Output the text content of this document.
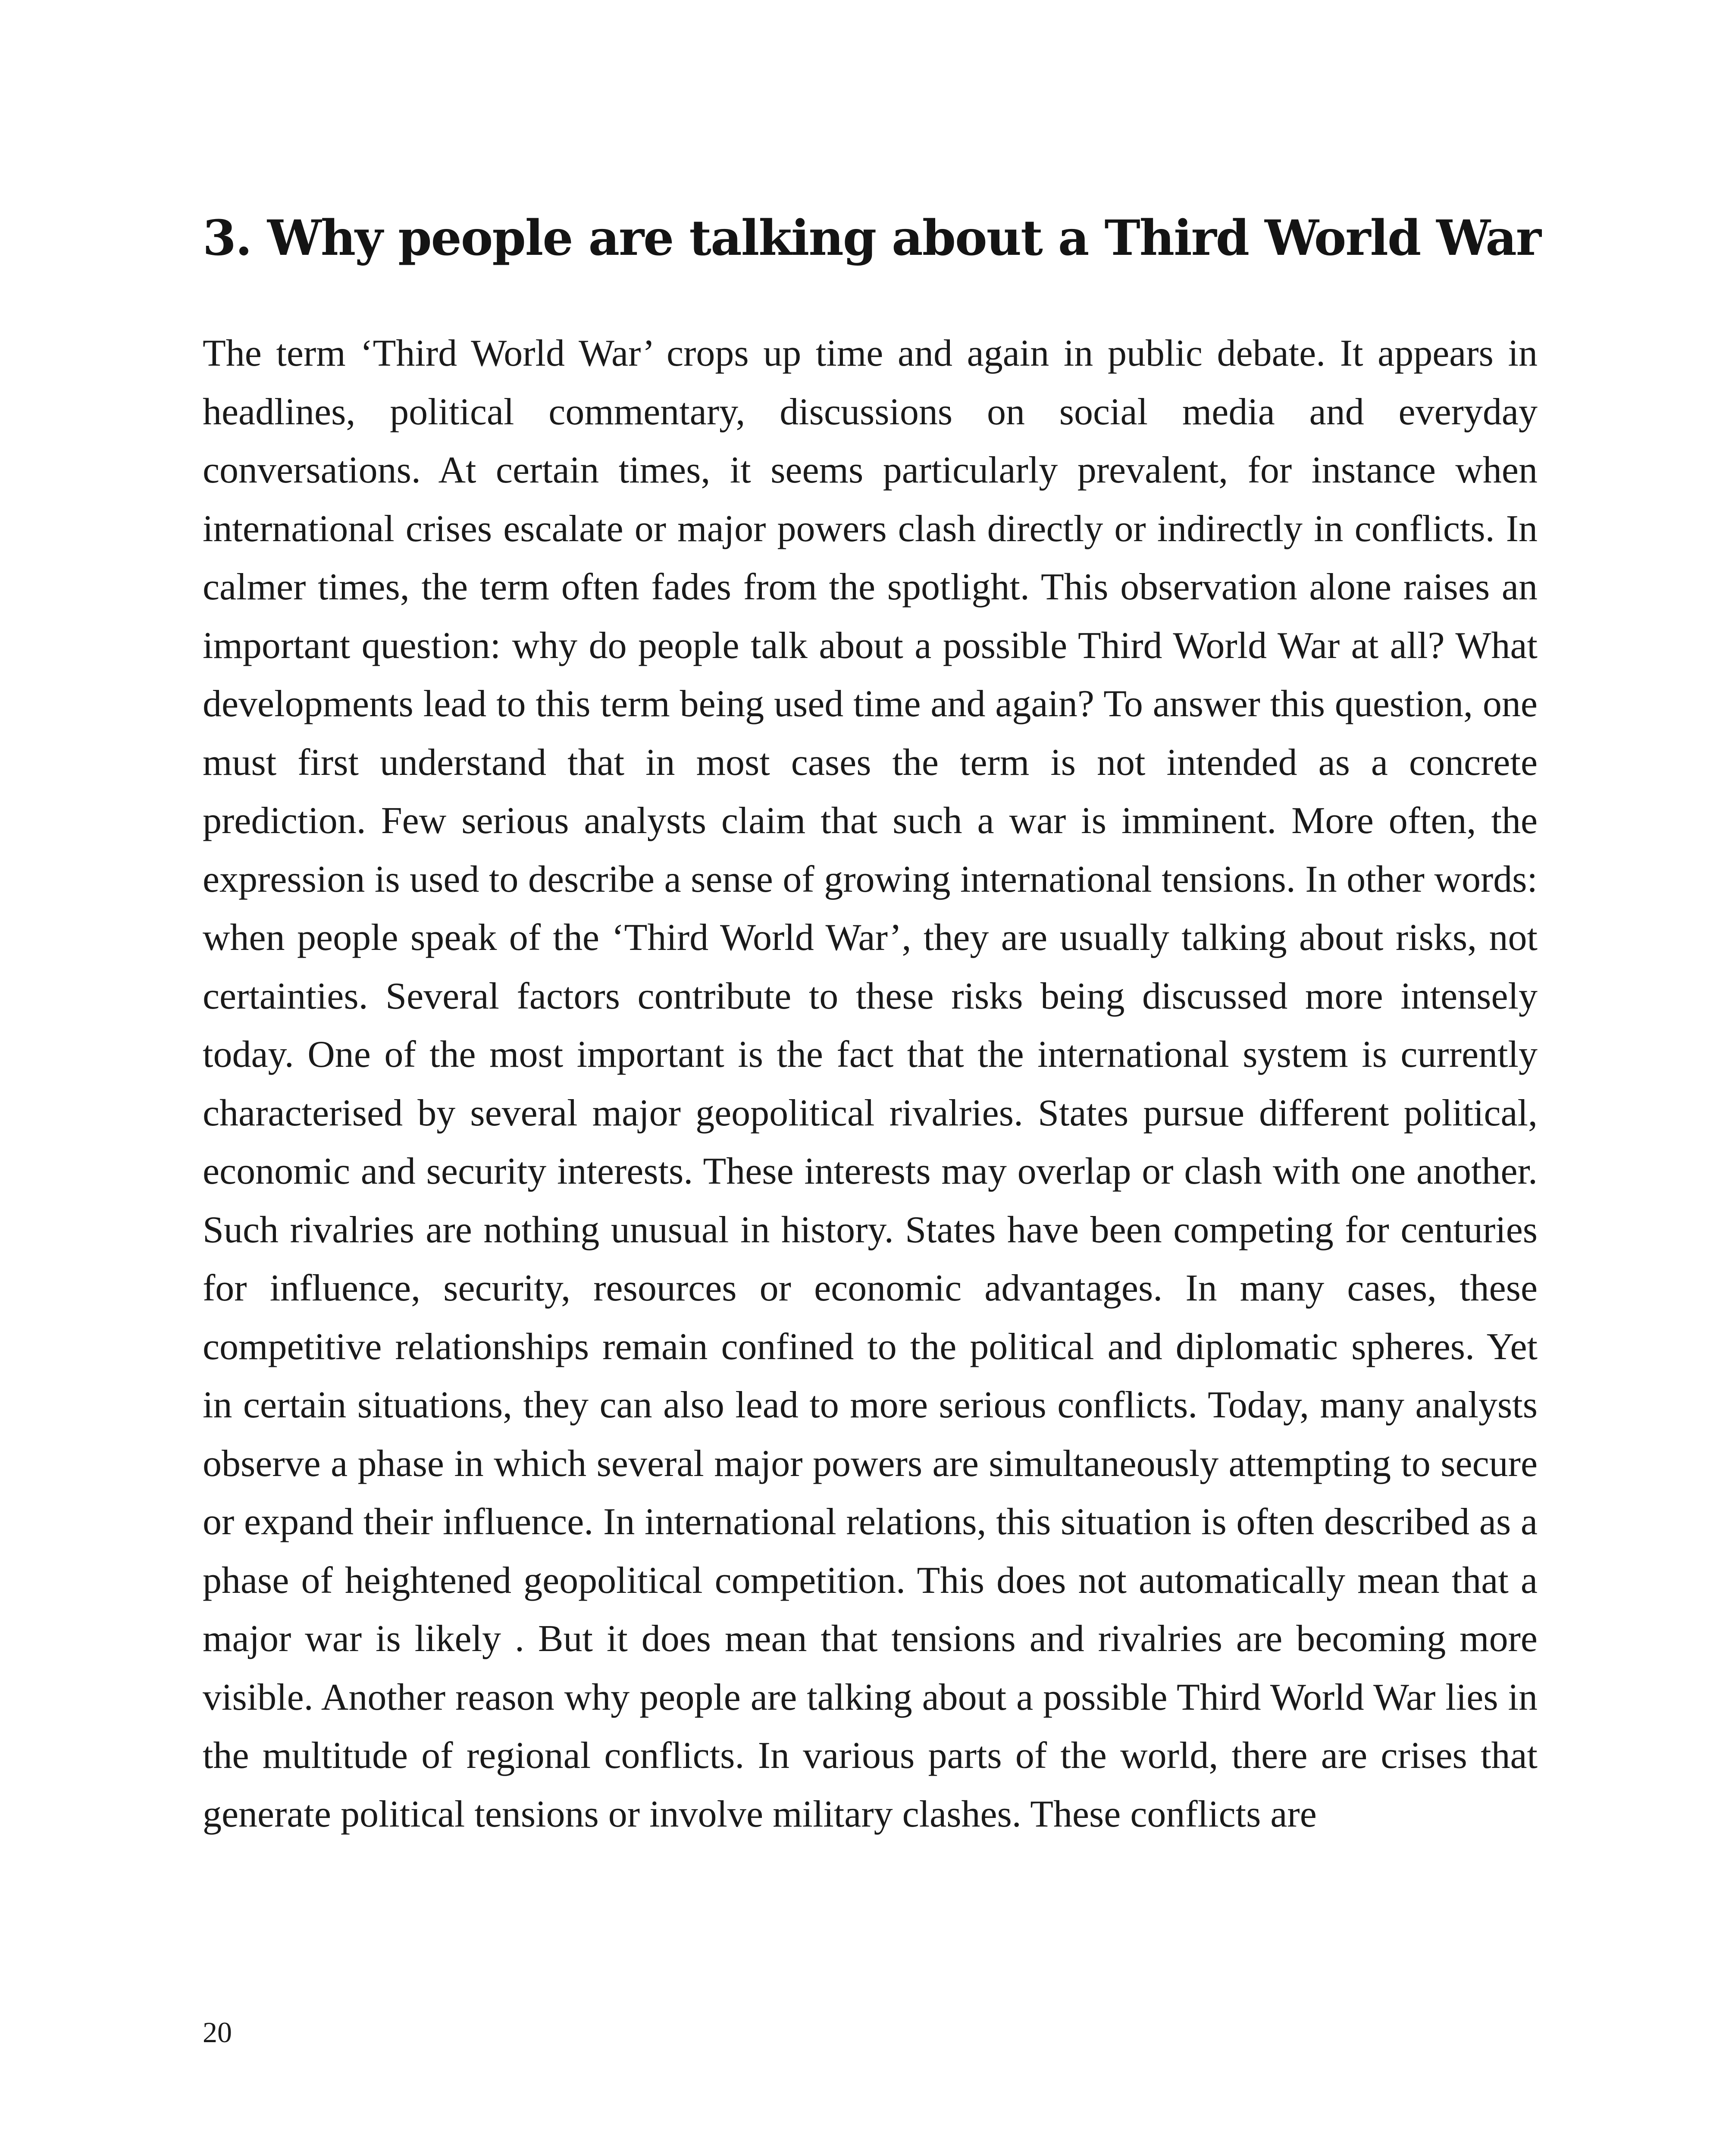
3. Why people are talking about a Third World War

The term ‘Third World War’ crops up time and again in public debate. It appears in headlines, political commentary, discussions on social media and everyday conversations. At certain times, it seems particularly prevalent, for instance when international crises escalate or major powers clash directly or indirectly in conflicts. In calmer times, the term often fades from the spotlight. This observation alone raises an important question: why do people talk about a possible Third World War at all? What developments lead to this term being used time and again? To answer this question, one must first understand that in most cases the term is not intended as a concrete prediction. Few serious analysts claim that such a war is imminent. More often, the expression is used to describe a sense of growing international tensions. In other words: when people speak of the ‘Third World War’, they are usually talking about risks, not certainties. Several factors contribute to these risks being discussed more intensely today. One of the most important is the fact that the international system is currently characterised by several major geopolitical rivalries. States pursue different political, economic and security interests. These interests may overlap or clash with one another. Such rivalries are nothing unusual in history. States have been competing for centuries for influence, security, resources or economic advantages. In many cases, these competitive relationships remain confined to the political and diplomatic spheres. Yet in certain situations, they can also lead to more serious conflicts. Today, many analysts observe a phase in which several major powers are simultaneously attempting to secure or expand their influence. In international relations, this situation is often described as a phase of heightened geopolitical competition. This does not automatically mean that a major war is likely . But it does mean that tensions and rivalries are becoming more visible. Another reason why people are talking about a possible Third World War lies in the multitude of regional conflicts. In various parts of the world, there are crises that generate political tensions or involve military clashes. These conflicts are

20
